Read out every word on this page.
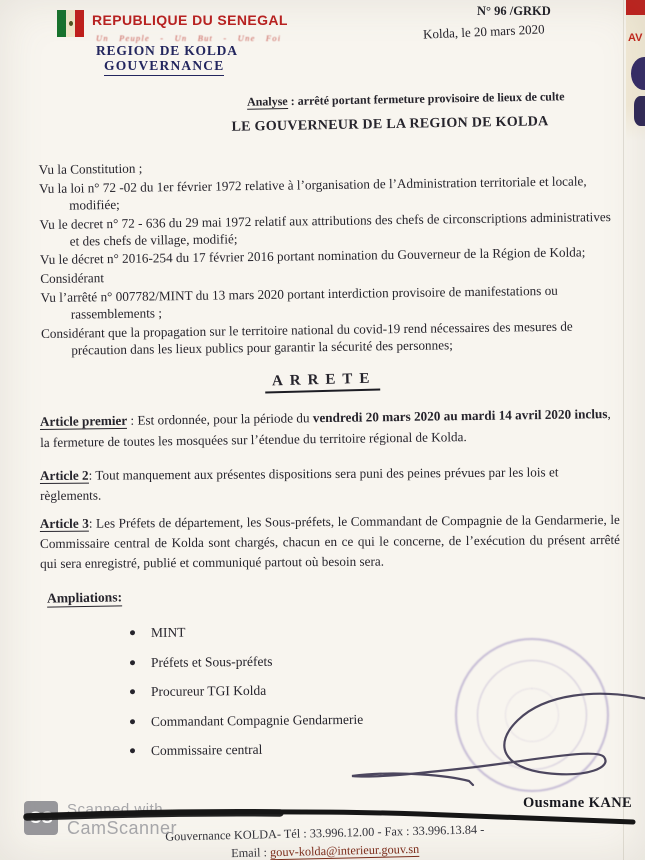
AV
REPUBLIQUE DU SENEGAL
Un Peuple - Un But - Une Foi
REGION DE KOLDA
GOUVERNANCE
N° 96 /GRKD
Kolda, le 20 mars 2020
Analyse : arrêté portant fermeture provisoire de lieux de culte
LE GOUVERNEUR DE LA REGION DE KOLDA

Vu la Constitution ;

Vu la loi n° 72 -02 du 1er février 1972 relative à l’organisation de l’Administration territoriale et locale, modifiée;

Vu le decret n° 72 - 636 du 29 mai 1972 relatif aux attributions des chefs de circonscriptions administratives et des chefs de village, modifié;

Vu le décret n° 2016-254 du 17 février 2016 portant nomination du Gouverneur de la Région de Kolda;

Considérant

Vu l’arrêté n° 007782/MINT du 13 mars 2020 portant interdiction provisoire de manifestations ou rassemblements ;

Considérant que la propagation sur le territoire national du covid-19 rend nécessaires des mesures de précaution dans les lieux publics pour garantir la sécurité des personnes;

ARRETE

Article premier : Est ordonnée, pour la période du vendredi 20 mars 2020 au mardi 14 avril 2020 inclus, la fermeture de toutes les mosquées sur l’étendue du territoire régional de Kolda.

Article 2: Tout manquement aux présentes dispositions sera puni des peines prévues par les lois et règlements.

Article 3: Les Préfets de département, les Sous-préfets, le Commandant de Compagnie de la Gendarmerie, le Commissaire central de Kolda sont chargés, chacun en ce qui le concerne, de l’exécution du présent arrêté qui sera enregistré, publié et communiqué partout où besoin sera.

Ampliations:
MINT
Préfets et Sous-préfets
Procureur TGI Kolda
Commandant Compagnie Gendarmerie
Commissaire central
Ousmane KANE
CS Scanned with
CamScanner
Gouvernance KOLDA- Tél : 33.996.12.00 - Fax : 33.996.13.84 -
Email : gouv-kolda@interieur.gouv.sn
